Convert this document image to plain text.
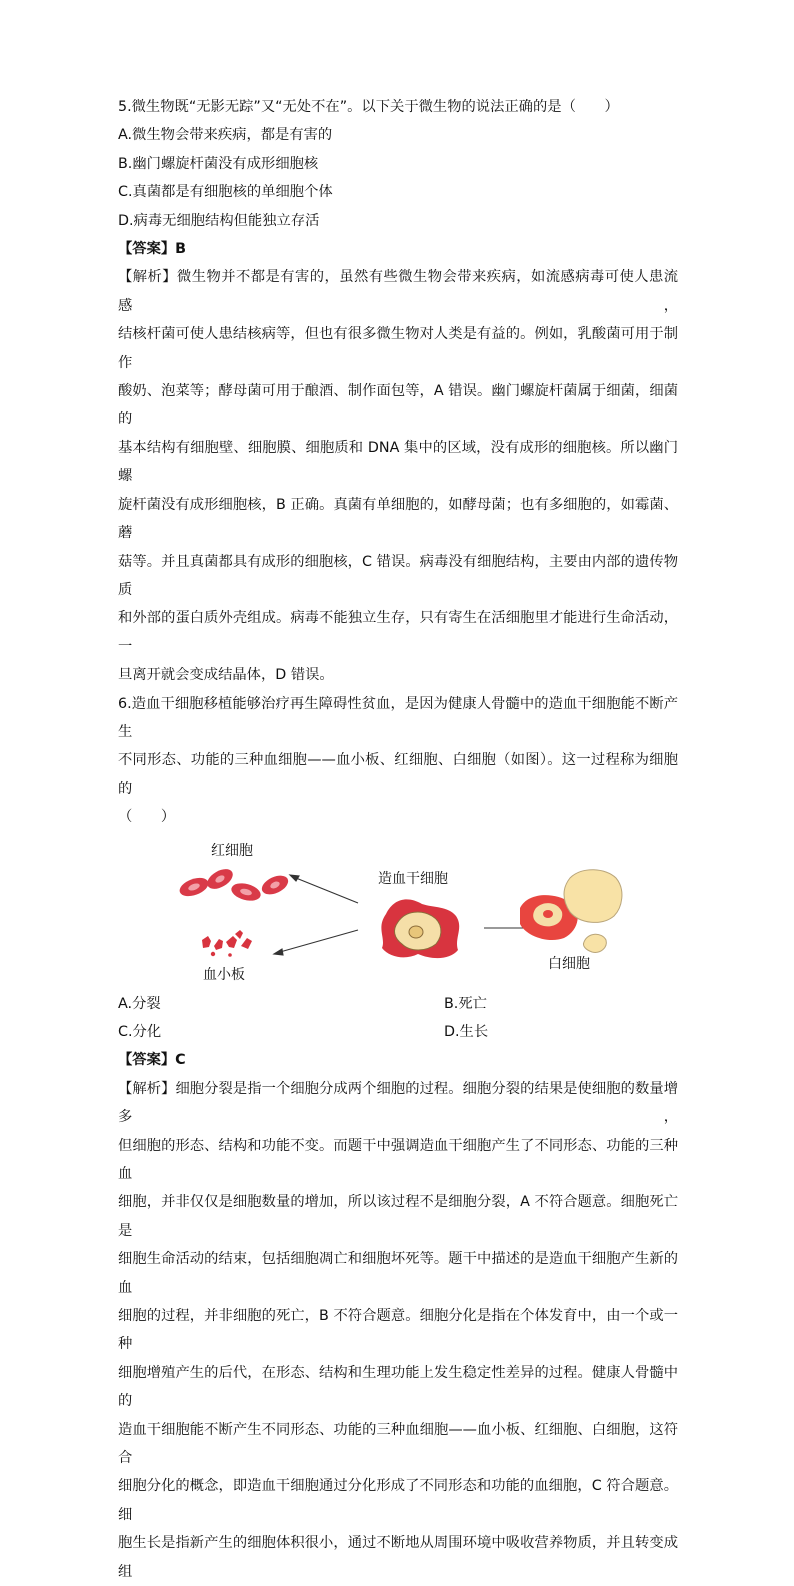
5.微生物既“无影无踪”又“无处不在”。以下关于微生物的说法正确的是（　　）
A.微生物会带来疾病，都是有害的
B.幽门螺旋杆菌没有成形细胞核
C.真菌都是有细胞核的单细胞个体
D.病毒无细胞结构但能独立存活
【答案】B
【解析】微生物并不都是有害的，虽然有些微生物会带来疾病，如流感病毒可使人患流感，
结核杆菌可使人患结核病等，但也有很多微生物对人类是有益的。例如，乳酸菌可用于制作
酸奶、泡菜等；酵母菌可用于酿酒、制作面包等，A 错误。幽门螺旋杆菌属于细菌，细菌的
基本结构有细胞壁、细胞膜、细胞质和 DNA 集中的区域，没有成形的细胞核。所以幽门螺
旋杆菌没有成形细胞核，B 正确。真菌有单细胞的，如酵母菌；也有多细胞的，如霉菌、蘑
菇等。并且真菌都具有成形的细胞核，C 错误。病毒没有细胞结构，主要由内部的遗传物质
和外部的蛋白质外壳组成。病毒不能独立生存，只有寄生在活细胞里才能进行生命活动，一
旦离开就会变成结晶体，D 错误。
6.造血干细胞移植能够治疗再生障碍性贫血，是因为健康人骨髓中的造血干细胞能不断产生
不同形态、功能的三种血细胞——血小板、红细胞、白细胞（如图）。这一过程称为细胞的
（　　）
红细胞
造血干细胞
白细胞
血小板
A.分裂	B.死亡
C.分化	D.生长
【答案】C
【解析】细胞分裂是指一个细胞分成两个细胞的过程。细胞分裂的结果是使细胞的数量增多，
但细胞的形态、结构和功能不变。而题干中强调造血干细胞产生了不同形态、功能的三种血
细胞，并非仅仅是细胞数量的增加，所以该过程不是细胞分裂，A 不符合题意。细胞死亡是
细胞生命活动的结束，包括细胞凋亡和细胞坏死等。题干中描述的是造血干细胞产生新的血
细胞的过程，并非细胞的死亡，B 不符合题意。细胞分化是指在个体发育中，由一个或一种
细胞增殖产生的后代，在形态、结构和生理功能上发生稳定性差异的过程。健康人骨髓中的
造血干细胞能不断产生不同形态、功能的三种血细胞——血小板、红细胞、白细胞，这符合
细胞分化的概念，即造血干细胞通过分化形成了不同形态和功能的血细胞，C 符合题意。细
胞生长是指新产生的细胞体积很小，通过不断地从周围环境中吸收营养物质，并且转变成组
